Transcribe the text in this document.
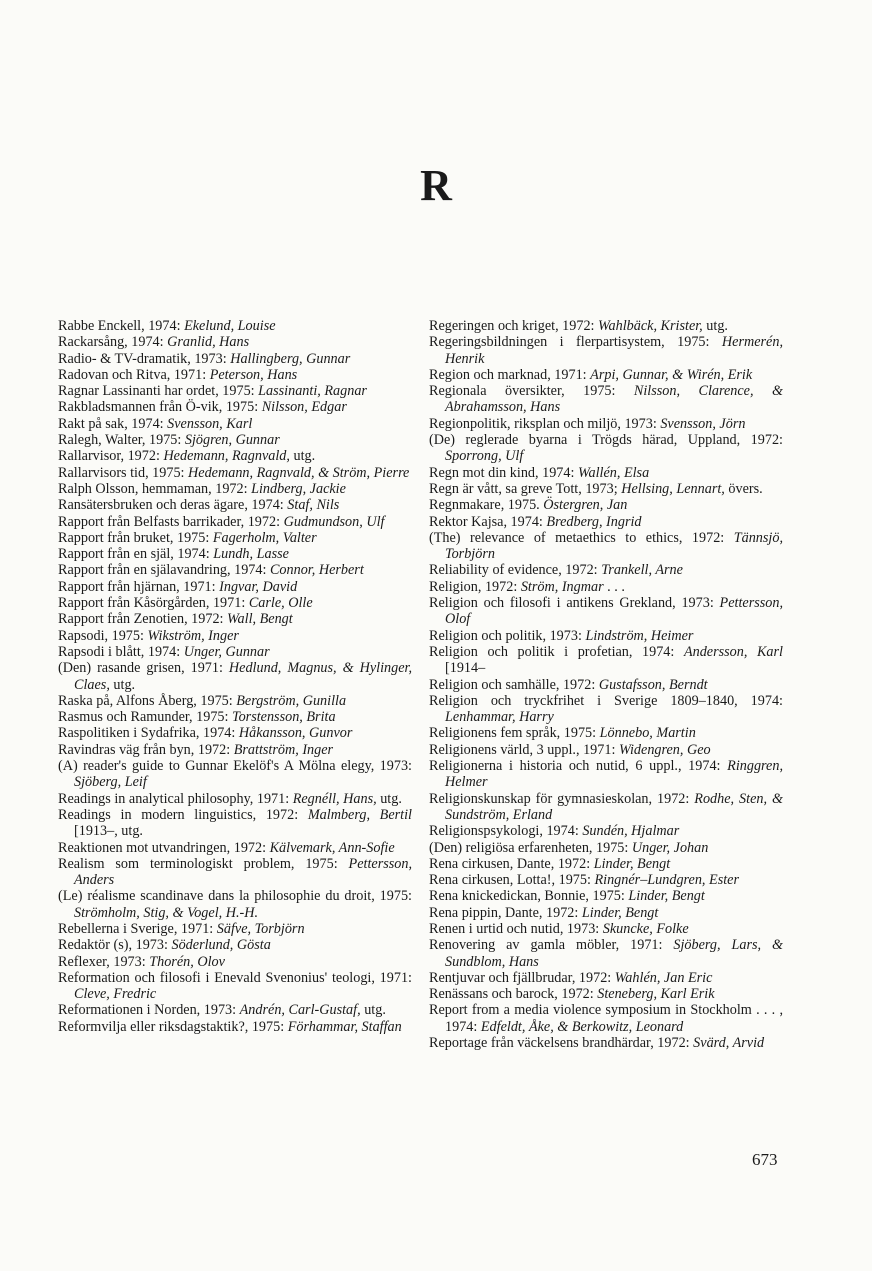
R

Rabbe Enckell, 1974: Ekelund, Louise

Rackarsång, 1974: Granlid, Hans

Radio- & TV-dramatik, 1973: Hallingberg, Gunnar

Radovan och Ritva, 1971: Peterson, Hans

Ragnar Lassinanti har ordet, 1975: Lassinanti, Ragnar

Rakbladsmannen från Ö-vik, 1975: Nilsson, Edgar

Rakt på sak, 1974: Svensson, Karl

Ralegh, Walter, 1975: Sjögren, Gunnar

Rallarvisor, 1972: Hedemann, Ragnvald, utg.

Rallarvisors tid, 1975: Hedemann, Ragnvald, & Ström, Pierre

Ralph Olsson, hemmaman, 1972: Lindberg, Jackie

Ransätersbruken och deras ägare, 1974: Staf, Nils

Rapport från Belfasts barrikader, 1972: Gudmundson, Ulf

Rapport från bruket, 1975: Fagerholm, Valter

Rapport från en själ, 1974: Lundh, Lasse

Rapport från en själavandring, 1974: Connor, Herbert

Rapport från hjärnan, 1971: Ingvar, David

Rapport från Kåsörgården, 1971: Carle, Olle

Rapport från Zenotien, 1972: Wall, Bengt

Rapsodi, 1975: Wikström, Inger

Rapsodi i blått, 1974: Unger, Gunnar

(Den) rasande grisen, 1971: Hedlund, Magnus, & Hylinger, Claes, utg.

Raska på, Alfons Åberg, 1975: Bergström, Gunilla

Rasmus och Ramunder, 1975: Torstensson, Brita

Raspolitiken i Sydafrika, 1974: Håkansson, Gunvor

Ravindras väg från byn, 1972: Brattström, Inger

(A) reader's guide to Gunnar Ekelöf's A Mölna elegy, 1973: Sjöberg, Leif

Readings in analytical philosophy, 1971: Regnéll, Hans, utg.

Readings in modern linguistics, 1972: Malmberg, Bertil [1913–, utg.

Reaktionen mot utvandringen, 1972: Kälvemark, Ann-Sofie

Realism som terminologiskt problem, 1975: Pettersson, Anders

(Le) réalisme scandinave dans la philosophie du droit, 1975: Strömholm, Stig, & Vogel, H.-H.

Rebellerna i Sverige, 1971: Säfve, Torbjörn

Redaktör (s), 1973: Söderlund, Gösta

Reflexer, 1973: Thorén, Olov

Reformation och filosofi i Enevald Svenonius' teologi, 1971: Cleve, Fredric

Reformationen i Norden, 1973: Andrén, Carl-Gustaf, utg.

Reformvilja eller riksdagstaktik?, 1975: Förhammar, Staffan

Regeringen och kriget, 1972: Wahlbäck, Krister, utg.

Regeringsbildningen i flerpartisystem, 1975: Hermerén, Henrik

Region och marknad, 1971: Arpi, Gunnar, & Wirén, Erik

Regionala översikter, 1975: Nilsson, Clarence, & Abrahamsson, Hans

Regionpolitik, riksplan och miljö, 1973: Svensson, Jörn

(De) reglerade byarna i Trögds härad, Uppland, 1972: Sporrong, Ulf

Regn mot din kind, 1974: Wallén, Elsa

Regn är vått, sa greve Tott, 1973; Hellsing, Lennart, övers.

Regnmakare, 1975. Östergren, Jan

Rektor Kajsa, 1974: Bredberg, Ingrid

(The) relevance of metaethics to ethics, 1972: Tännsjö, Torbjörn

Reliability of evidence, 1972: Trankell, Arne

Religion, 1972: Ström, Ingmar . . .

Religion och filosofi i antikens Grekland, 1973: Pettersson, Olof

Religion och politik, 1973: Lindström, Heimer

Religion och politik i profetian, 1974: Andersson, Karl [1914–

Religion och samhälle, 1972: Gustafsson, Berndt

Religion och tryckfrihet i Sverige 1809–1840, 1974: Lenhammar, Harry

Religionens fem språk, 1975: Lönnebo, Martin

Religionens värld, 3 uppl., 1971: Widengren, Geo

Religionerna i historia och nutid, 6 uppl., 1974: Ringgren, Helmer

Religionskunskap för gymnasieskolan, 1972: Rodhe, Sten, & Sundström, Erland

Religionspsykologi, 1974: Sundén, Hjalmar

(Den) religiösa erfarenheten, 1975: Unger, Johan

Rena cirkusen, Dante, 1972: Linder, Bengt

Rena cirkusen, Lotta!, 1975: Ringnér–Lundgren, Ester

Rena knickedickan, Bonnie, 1975: Linder, Bengt

Rena pippin, Dante, 1972: Linder, Bengt

Renen i urtid och nutid, 1973: Skuncke, Folke

Renovering av gamla möbler, 1971: Sjöberg, Lars, & Sundblom, Hans

Rentjuvar och fjällbrudar, 1972: Wahlén, Jan Eric

Renässans och barock, 1972: Steneberg, Karl Erik

Report from a media violence symposium in Stockholm . . . , 1974: Edfeldt, Åke, & Berkowitz, Leonard

Reportage från väckelsens brandhärdar, 1972: Svärd, Arvid

673
